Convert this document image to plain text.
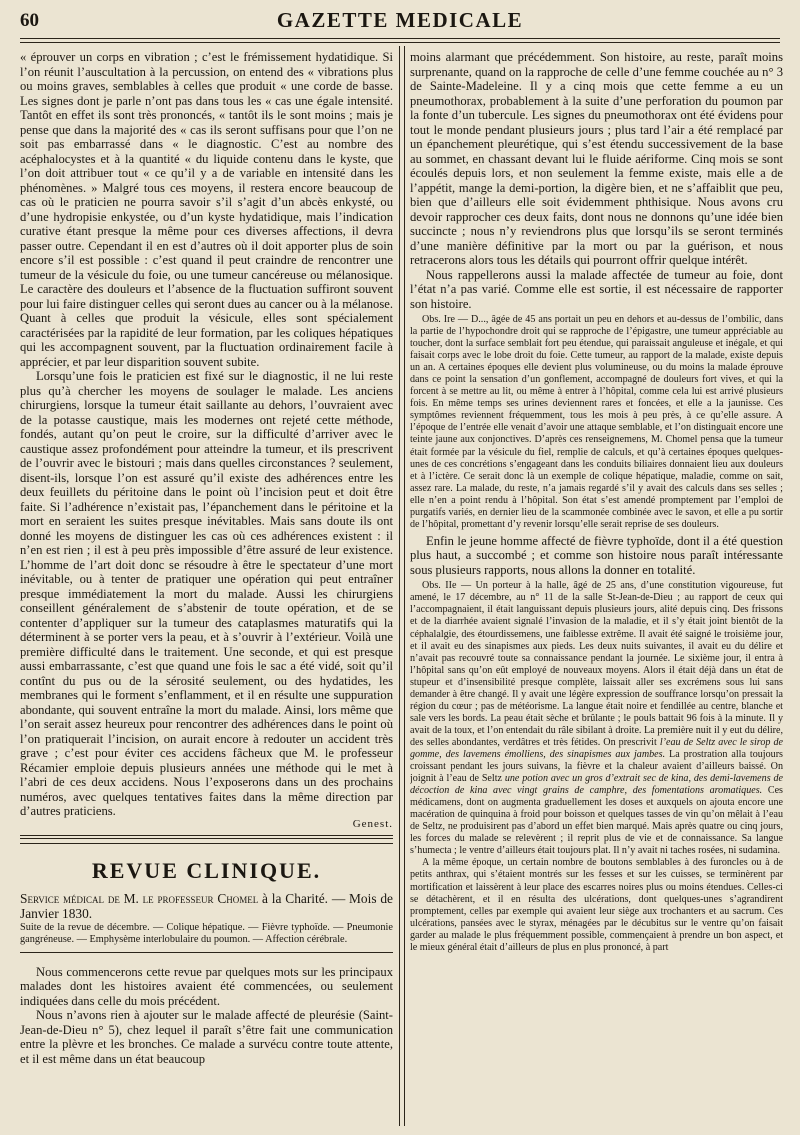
60	GAZETTE MEDICALE

« éprouver un corps en vibration ; c’est le frémissement hydatidique. Si l’on réunit l’auscultation à la percussion, on entend des « vibrations plus ou moins graves, semblables à celles que produit « une corde de basse. Les signes dont je parle n’ont pas dans tous les « cas une égale intensité. Tantôt en effet ils sont très prononcés, « tantôt ils le sont moins ; mais je pense que dans la majorité des « cas ils seront suffisans pour que l’on ne soit pas embarrassé dans « le diagnostic. C’est au nombre des acéphalocystes et à la quantité « du liquide contenu dans le kyste, que l’on doit attribuer tout « ce qu’il y a de variable en intensité dans les phénomènes. » Malgré tous ces moyens, il restera encore beaucoup de cas où le praticien ne pourra savoir s’il s’agit d’un abcès enkysté, ou d’une hydropisie enkystée, ou d’un kyste hydatidique, mais l’indication curative étant presque la même pour ces diverses affections, il devra passer outre. Cependant il en est d’autres où il doit apporter plus de soin encore s’il est possible : c’est quand il peut craindre de rencontrer une tumeur de la vésicule du foie, ou une tumeur cancéreuse ou mélanosique. Le caractère des douleurs et l’absence de la fluctuation suffiront souvent pour lui faire distinguer celles qui seront dues au cancer ou à la mélanose. Quant à celles que produit la vésicule, elles sont spécialement caractérisées par la rapidité de leur formation, par les coliques hépatiques qui les accompagnent souvent, par la fluctuation ordinairement facile à apprécier, et par leur disparition souvent subite.

Lorsqu’une fois le praticien est fixé sur le diagnostic, il ne lui reste plus qu’à chercher les moyens de soulager le malade. Les anciens chirurgiens, lorsque la tumeur était saillante au dehors, l’ouvraient avec de la potasse caustique, mais les modernes ont rejeté cette méthode, fondés, autant qu’on peut le croire, sur la difficulté d’arriver avec le caustique assez profondément pour atteindre la tumeur, et ils prescrivent de l’ouvrir avec le bistouri ; mais dans quelles circonstances ? seulement, disent-ils, lorsque l’on est assuré qu’il existe des adhérences entre les deux feuillets du péritoine dans le point où l’incision peut et doit être faite. Si l’adhérence n’existait pas, l’épanchement dans le péritoine et la mort en seraient les suites presque inévitables. Mais sans doute ils ont donné les moyens de distinguer les cas où ces adhérences existent : il n’en est rien ; il est à peu près impossible d’être assuré de leur existence. L’homme de l’art doit donc se résoudre à être le spectateur d’une mort inévitable, ou à tenter de pratiquer une opération qui peut entraîner presque immédiatement la mort du malade. Aussi les chirurgiens conseillent généralement de s’abstenir de toute opération, et de se contenter d’appliquer sur la tumeur des cataplasmes maturatifs qui la déterminent à se porter vers la peau, et à s’ouvrir à l’extérieur. Voilà une première difficulté dans le traitement. Une seconde, et qui est presque aussi embarrassante, c’est que quand une fois le sac a été vidé, soit qu’il contînt du pus ou de la sérosité seulement, ou des hydatides, les membranes qui le forment s’enflamment, et il en résulte une suppuration abondante, qui souvent entraîne la mort du malade. Ainsi, lors même que l’on serait assez heureux pour rencontrer des adhérences dans le point où l’on pratiquerait l’incision, on aurait encore à redouter un accident très grave ; c’est pour éviter ces accidens fâcheux que M. le professeur Récamier emploie depuis plusieurs années une méthode qui le met à l’abri de ces deux accidens. Nous l’exposerons dans un des prochains numéros, avec quelques tentatives faites dans la même direction par d’autres praticiens.

Genest.
REVUE CLINIQUE.

Service médical de M. le professeur Chomel à la Charité. — Mois de Janvier 1830.

Suite de la revue de décembre. — Colique hépatique. — Fièvre typhoïde. — Pneumonie gangréneuse. — Emphysème interlobulaire du poumon. — Affection cérébrale.

Nous commencerons cette revue par quelques mots sur les principaux malades dont les histoires avaient été commencées, ou seulement indiquées dans celle du mois précédent.

Nous n’avons rien à ajouter sur le malade affecté de pleurésie (Saint-Jean-de-Dieu n° 5), chez lequel il paraît s’être fait une communication entre la plèvre et les bronches. Ce malade a survécu contre toute attente, et il est même dans un état beaucoup

moins alarmant que précédemment. Son histoire, au reste, paraît moins surprenante, quand on la rapproche de celle d’une femme couchée au n° 3 de Sainte-Madeleine. Il y a cinq mois que cette femme a eu un pneumothorax, probablement à la suite d’une perforation du poumon par la fonte d’un tubercule. Les signes du pneumothorax ont été évidens pour tout le monde pendant plusieurs jours ; plus tard l’air a été remplacé par un épanchement pleurétique, qui s’est étendu successivement de la base au sommet, en chassant devant lui le fluide aériforme. Cinq mois se sont écoulés depuis lors, et non seulement la femme existe, mais elle a de l’appétit, mange la demi-portion, la digère bien, et ne s’affaiblit que peu, bien que d’ailleurs elle soit évidemment phthisique. Nous avons cru devoir rapprocher ces deux faits, dont nous ne donnons qu’une idée bien succincte ; nous n’y reviendrons plus que lorsqu’ils se seront terminés d’une manière définitive par la mort ou par la guérison, et nous retracerons alors tous les détails qui pourront offrir quelque intérêt.

Nous rappellerons aussi la malade affectée de tumeur au foie, dont l’état n’a pas varié. Comme elle est sortie, il est nécessaire de rapporter son histoire.

Obs. Ire — D..., âgée de 45 ans portait un peu en dehors et au-dessus de l’ombilic, dans la partie de l’hypochondre droit qui se rapproche de l’épigastre, une tumeur appréciable au toucher, dont la surface semblait fort peu étendue, qui paraissait anguleuse et inégale, et qui faisait corps avec le lobe droit du foie. Cette tumeur, au rapport de la malade, existe depuis un an. A certaines époques elle devient plus volumineuse, ou du moins la malade éprouve dans ce point la sensation d’un gonflement, accompagné de douleurs fort vives, et qui la forcent à se mettre au lit, ou même à entrer à l’hôpital, comme cela lui est arrivé plusieurs fois. En même temps ses urines deviennent rares et foncées, et elle a la jaunisse. Ces symptômes reviennent fréquemment, tous les mois à peu près, à ce qu’elle assure. A l’époque de l’entrée elle venait d’avoir une attaque semblable, et l’on distinguait encore une teinte jaune aux conjonctives. D’après ces renseignemens, M. Chomel pensa que la tumeur était formée par la vésicule du fiel, remplie de calculs, et qu’à certaines époques quelques-unes de ces concrétions s’engageant dans les conduits biliaires donnaient lieu aux douleurs et à l’ictère. Ce serait donc là un exemple de colique hépatique, maladie, comme on sait, assez rare. La malade, du reste, n’a jamais regardé s’il y avait des calculs dans ses selles ; elle n’en a point rendu à l’hôpital. Son état s’est amendé promptement par l’emploi de purgatifs variés, en dernier lieu de la scammonée combinée avec le savon, et elle a pu sortir de l’hôpital, promettant d’y revenir lorsqu’elle serait reprise de ses douleurs.

Enfin le jeune homme affecté de fièvre typhoïde, dont il a été question plus haut, a succombé ; et comme son histoire nous paraît intéressante sous plusieurs rapports, nous allons la donner en totalité.

Obs. IIe — Un porteur à la halle, âgé de 25 ans, d’une constitution vigoureuse, fut amené, le 17 décembre, au n° 11 de la salle St-Jean-de-Dieu ; au rapport de ceux qui l’accompagnaient, il était languissant depuis plusieurs jours, alité depuis cinq. Des frissons et de la diarrhée avaient signalé l’invasion de la maladie, et il s’y était joint bientôt de la céphalalgie, des étourdissemens, une faiblesse extrême. Il avait été saigné le troisième jour, et il avait eu des sinapismes aux pieds. Les deux nuits suivantes, il avait eu du délire et n’avait pas recouvré toute sa connaissance pendant la journée. Le sixième jour, il entra à l’hôpital sans qu’on eût employé de nouveaux moyens. Alors il était déjà dans un état de stupeur et d’insensibilité presque complète, laissait aller ses excrémens sous lui sans demander à être changé. Il y avait une légère expression de souffrance lorsqu’on pressait la région du cœur ; pas de météorisme. La langue était noire et fendillée au centre, blanche et sale vers les bords. La peau était sèche et brûlante ; le pouls battait 96 fois à la minute. Il y avait de la toux, et l’on entendait du râle sibilant à droite. La première nuit il y eut du délire, des selles abondantes, verdâtres et très fétides. On prescrivit l’eau de Seltz avec le sirop de gomme, des lavemens émolliens, des sinapismes aux jambes. La prostration alla toujours croissant pendant les jours suivans, la fièvre et la chaleur avaient d’ailleurs baissé. On joignit à l’eau de Seltz une potion avec un gros d’extrait sec de kina, des demi-lavemens de décoction de kina avec vingt grains de camphre, des fomentations aromatiques. Ces médicamens, dont on augmenta graduellement les doses et auxquels on ajouta encore une macération de quinquina à froid pour boisson et quelques tasses de vin qu’on mêlait à l’eau de Seltz, ne produisirent pas d’abord un effet bien marqué. Mais après quatre ou cinq jours, les forces du malade se relevèrent ; il reprit plus de vie et de connaissance. Sa langue s’humecta ; le ventre d’ailleurs était toujours plat. Il n’y avait ni taches rosées, ni sudamina.

A la même époque, un certain nombre de boutons semblables à des furoncles ou à de petits anthrax, qui s’étaient montrés sur les fesses et sur les cuisses, se terminèrent par mortification et laissèrent à leur place des escarres noires plus ou moins étendues. Celles-ci se détachèrent, et il en résulta des ulcérations, dont quelques-unes s’agrandirent promptement, celles par exemple qui avaient leur siège aux trochanters et au sacrum. Ces ulcérations, pansées avec le styrax, ménagées par le décubitus sur le ventre qu’on faisait garder au malade le plus fréquemment possible, commençaient à prendre un bon aspect, et le mieux général était d’ailleurs de plus en plus prononcé, à part
